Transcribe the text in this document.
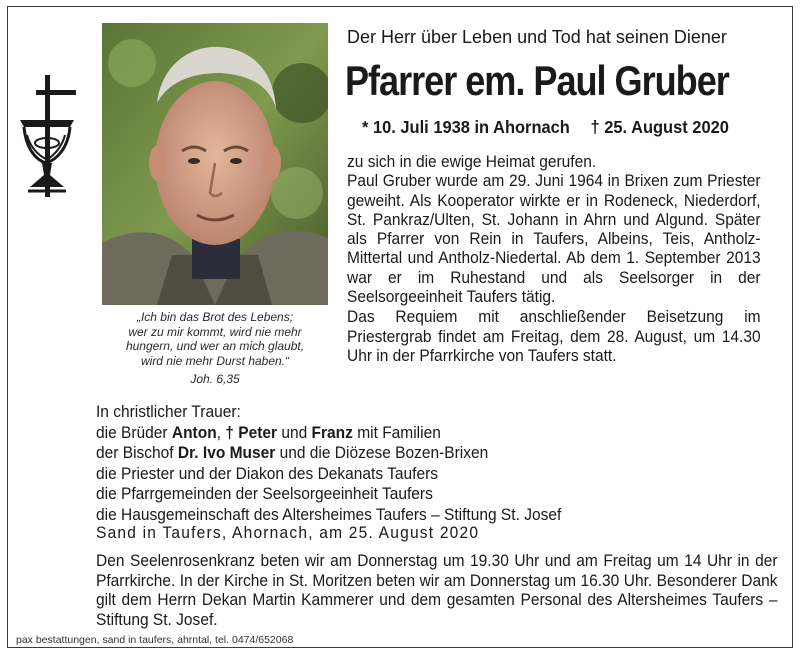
„Ich bin das Brot des Lebens;
wer zu mir kommt, wird nie mehr
hungern, und wer an mich glaubt,
wird nie mehr Durst haben.“
Joh. 6,35
Der Herr über Leben und Tod hat seinen Diener
Pfarrer em. Paul Gruber
* 10. Juli 1938 in Ahornach † 25. August 2020

zu sich in die ewige Heimat gerufen.

Paul Gruber wurde am 29. Juni 1964 in Brixen zum Priester geweiht. Als Kooperator wirkte er in Rodeneck, Niederdorf, St. Pankraz/Ulten, St. Johann in Ahrn und Algund. Später als Pfarrer von Rein in Taufers, Albeins, Teis, Antholz-Mittertal und Antholz-Niedertal. Ab dem 1. September 2013 war er im Ruhestand und als Seelsorger in der Seelsorgeeinheit Taufers tätig.

Das Requiem mit anschließender Beisetzung im Priestergrab findet am Freitag, dem 28. August, um 14.30 Uhr in der Pfarrkirche von Taufers statt.

In christlicher Trauer:
die Brüder Anton, † Peter und Franz mit Familien
der Bischof Dr. Ivo Muser und die Diözese Bozen-Brixen
die Priester und der Diakon des Dekanats Taufers
die Pfarrgemeinden der Seelsorgeeinheit Taufers
die Hausgemeinschaft des Altersheimes Taufers – Stiftung St. Josef
Sand in Taufers, Ahornach, am 25. August 2020
Den Seelenrosenkranz beten wir am Donnerstag um 19.30 Uhr und am Freitag um 14 Uhr in der Pfarrkirche. In der Kirche in St. Moritzen beten wir am Donnerstag um 16.30 Uhr. Besonderer Dank gilt dem Herrn Dekan Martin Kammerer und dem gesamten Personal des Altersheimes Taufers – Stiftung St. Josef.
pax bestattungen, sand in taufers, ahrntal, tel. 0474/652068
